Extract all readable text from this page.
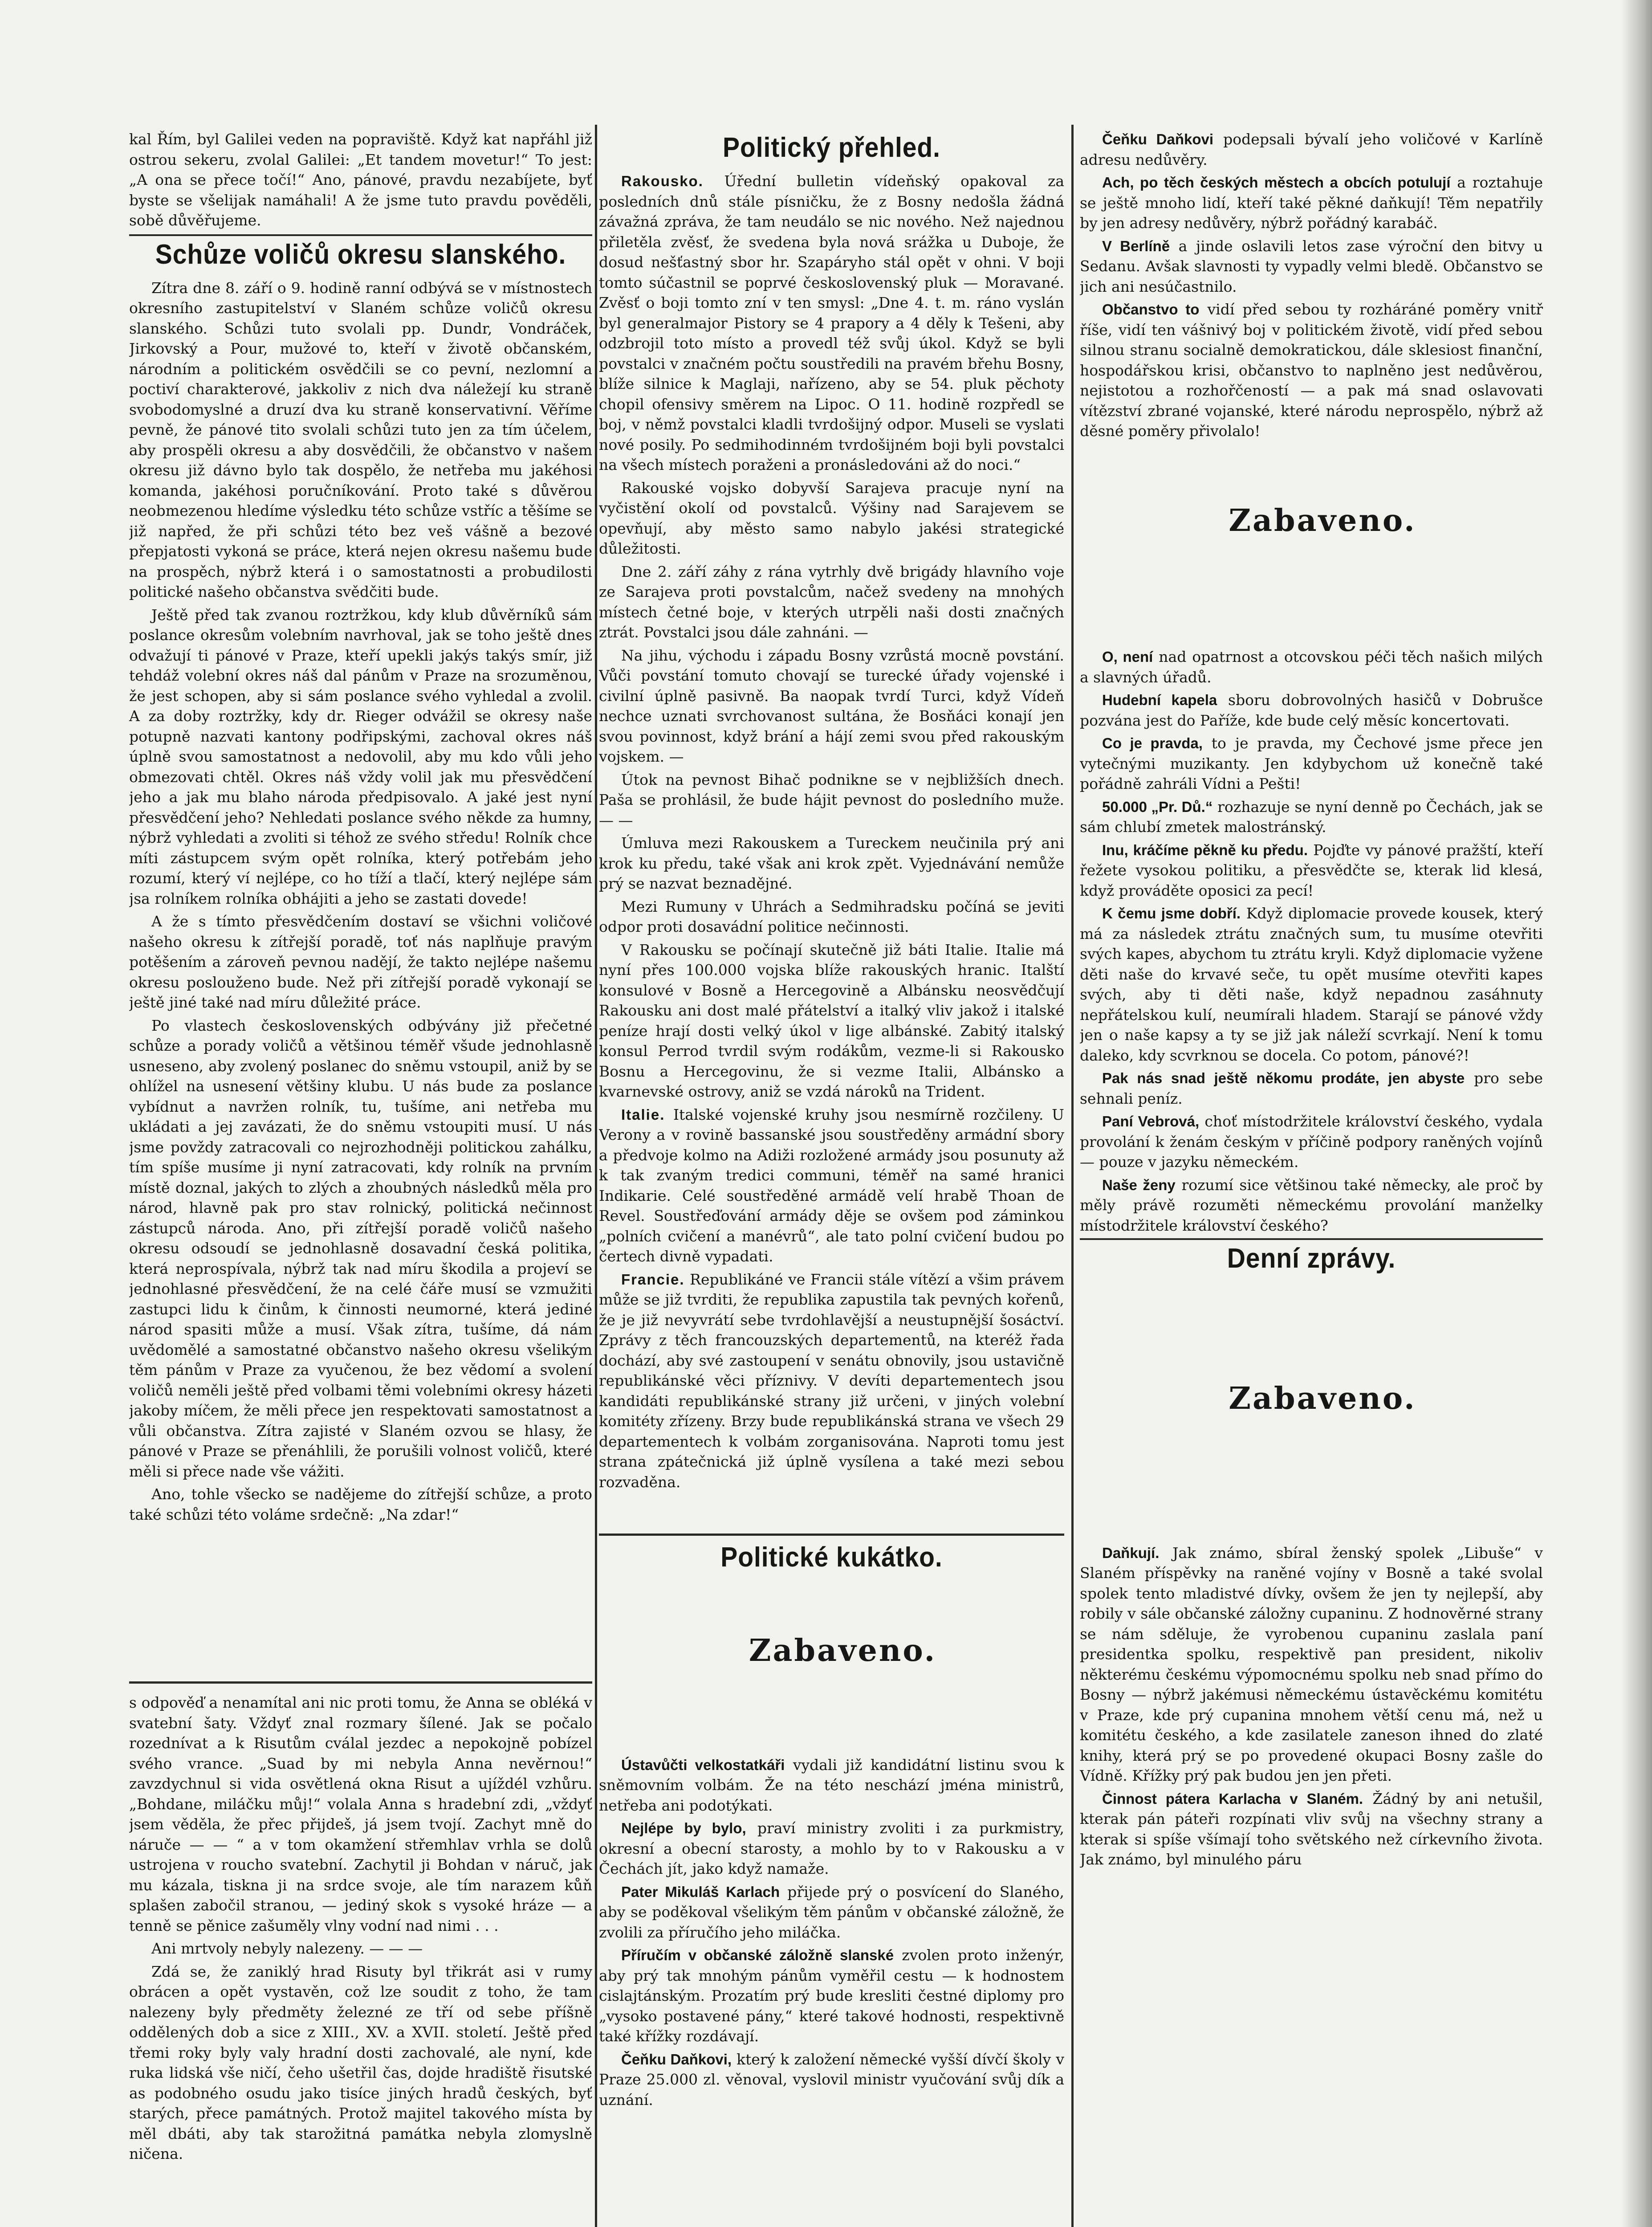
kal Řím, byl Galilei veden na popraviště. Když kat napřáhl již ostrou sekeru, zvolal Galilei: „Et tandem movetur!“ To jest: „A ona se přece točí!“ Ano, pánové, pravdu nezabíjete, byť byste se všelijak namáhali! A že jsme tuto pravdu pověděli, sobě důvěřujeme.

Schůze voličů okresu slanského.

Zítra dne 8. září o 9. hodině ranní odbývá se v místnostech okresního zastupitelství v Slaném schůze voličů okresu slanského. Schůzi tuto svolali pp. Dundr, Vondráček, Jirkovský a Pour, mužové to, kteří v životě občanském, národním a politickém osvědčili se co pevní, nezlomní a poctiví charakterové, jakkoliv z nich dva náležejí ku straně svobodomyslné a druzí dva ku straně konservativní. Věříme pevně, že pánové tito svolali schůzi tuto jen za tím účelem, aby prospěli okresu a aby dosvědčili, že občanstvo v našem okresu již dávno bylo tak dospělo, že netřeba mu jakéhosi komanda, jakéhosi poručníkování. Proto také s důvěrou neobmezenou hledíme výsledku této schůze vstříc a těšíme se již napřed, že při schůzi této bez veš vášně a bezové přepjatosti vykoná se práce, která nejen okresu našemu bude na prospěch, nýbrž která i o samostatnosti a probudilosti politické našeho občanstva svědčiti bude.

Ještě před tak zvanou roztržkou, kdy klub důvěrníků sám poslance okresům volebním navrhoval, jak se toho ještě dnes odvažují ti pánové v Praze, kteří upekli jakýs takýs smír, již tehdáž volební okres náš dal pánům v Praze na srozuměnou, že jest schopen, aby si sám poslance svého vyhledal a zvolil. A za doby roztržky, kdy dr. Rieger odvážil se okresy naše potupně nazvati kantony podřipskými, zachoval okres náš úplně svou samostatnost a nedovolil, aby mu kdo vůli jeho obmezovati chtěl. Okres náš vždy volil jak mu přesvědčení jeho a jak mu blaho národa předpisovalo. A jaké jest nyní přesvědčení jeho? Nehledati poslance svého někde za humny, nýbrž vyhledati a zvoliti si téhož ze svého středu! Rolník chce míti zástupcem svým opět rolníka, který potřebám jeho rozumí, který ví nejlépe, co ho tíží a tlačí, který nejlépe sám jsa rolníkem rolníka obhájiti a jeho se zastati dovede!

A že s tímto přesvědčením dostaví se všichni voličové našeho okresu k zítřejší poradě, toť nás naplňuje pravým potěšením a zároveň pevnou nadějí, že takto nejlépe našemu okresu poslouženo bude. Než při zítřejší poradě vykonají se ještě jiné také nad míru důležité práce.

Po vlastech československých odbývány již přečetné schůze a porady voličů a většinou téměř všude jednohlasně usneseno, aby zvolený poslanec do sněmu vstoupil, aniž by se ohlížel na usnesení většiny klubu. U nás bude za poslance vybídnut a navržen rolník, tu, tušíme, ani netřeba mu ukládati a jej zavázati, že do sněmu vstoupiti musí. U nás jsme povždy zatracovali co nejrozhodněji politickou zahálku, tím spíše musíme ji nyní zatracovati, kdy rolník na prvním místě doznal, jakých to zlých a zhoubných následků měla pro národ, hlavně pak pro stav rolnický, politická nečinnost zástupců národa. Ano, při zítřejší poradě voličů našeho okresu odsoudí se jednohlasně dosavadní česká politika, která neprospívala, nýbrž tak nad míru škodila a projeví se jednohlasné přesvědčení, že na celé čáře musí se vzmužiti zastupci lidu k činům, k činnosti neumorné, která jediné národ spasiti může a musí. Však zítra, tušíme, dá nám uvědomělé a samostatné občanstvo našeho okresu všelikým těm pánům v Praze za vyučenou, že bez vědomí a svolení voličů neměli ještě před volbami těmi volebními okresy házeti jakoby míčem, že měli přece jen respektovati samostatnost a vůli občanstva. Zítra zajisté v Slaném ozvou se hlasy, že pánové v Praze se přenáhlili, že porušili volnost voličů, které měli si přece nade vše vážiti.

Ano, tohle všecko se nadějeme do zítřejší schůze, a proto také schůzi této voláme srdečně: „Na zdar!“

s odpověď a nenamítal ani nic proti tomu, že Anna se obléká v svatební šaty. Vždyť znal rozmary šílené. Jak se počalo rozednívat a k Risutům cválal jezdec a nepokojně pobízel svého vrance. „Suad by mi nebyla Anna nevěrnou!“ zavzdychnul si vida osvětlená okna Risut a ujíždél vzhůru. „Bohdane, miláčku můj!“ volala Anna s hradební zdi, „vždyť jsem věděla, že přec přijdeš, já jsem tvojí. Zachyt mně do náruče — — “ a v tom okamžení střemhlav vrhla se dolů ustrojena v roucho svatební. Zachytil ji Bohdan v náruč, jak mu kázala, tiskna ji na srdce svoje, ale tím narazem kůň splašen zabočil stranou, — jediný skok s vysoké hráze — a tenně se pěnice zašuměly vlny vodní nad nimi . . .

Ani mrtvoly nebyly nalezeny. — — —

Zdá se, že zaniklý hrad Risuty byl třikrát asi v rumy obrácen a opět vystavěn, což lze soudit z toho, že tam nalezeny byly předměty železné ze tří od sebe příšně oddělených dob a sice z XIII., XV. a XVII. století. Ještě před třemi roky byly valy hradní dosti zachovalé, ale nyní, kde ruka lidská vše ničí, čeho ušetřil čas, dojde hradiště řisutské as podobného osudu jako tisíce jiných hradů českých, byť starých, přece památných. Protož majitel takového místa by měl dbáti, aby tak starožitná památka nebyla zlomyslně ničena.

Politický přehled.

Rakousko. Úřední bulletin vídeňský opakoval za posledních dnů stále písničku, že z Bosny nedošla žádná závažná zpráva, že tam neudálo se nic nového. Než najednou přiletěla zvěsť, že svedena byla nová srážka u Duboje, že dosud nešťastný sbor hr. Szapáryho stál opět v ohni. V boji tomto súčastnil se poprvé československý pluk — Moravané. Zvěsť o boji tomto zní v ten smysl: „Dne 4. t. m. ráno vyslán byl generalmajor Pistory se 4 prapory a 4 děly k Tešeni, aby odzbrojil toto místo a provedl též svůj úkol. Když se byli povstalci v značném počtu soustředili na pravém břehu Bosny, blíže silnice k Maglaji, nařízeno, aby se 54. pluk pěchoty chopil ofensivy směrem na Lipoc. O 11. hodině rozpředl se boj, v němž povstalci kladli tvrdošijný odpor. Museli se vyslati nové posily. Po sedmihodinném tvrdošijném boji byli povstalci na všech místech poraženi a pronásledováni až do noci.“

Rakouské vojsko dobyvší Sarajeva pracuje nyní na vyčistění okolí od povstalců. Výšiny nad Sarajevem se opevňují, aby město samo nabylo jakési strategické důležitosti.

Dne 2. září záhy z rána vytrhly dvě brigády hlavního voje ze Sarajeva proti povstalcům, načež svedeny na mnohých místech četné boje, v kterých utrpěli naši dosti značných ztrát. Povstalci jsou dále zahnáni. —

Na jihu, východu i západu Bosny vzrůstá mocně povstání. Vůči povstání tomuto chovají se turecké úřady vojenské i civilní úplně pasivně. Ba naopak tvrdí Turci, když Vídeň nechce uznati svrchovanost sultána, že Bosňáci konají jen svou povinnost, když brání a hájí zemi svou před rakouským vojskem. —

Útok na pevnost Bihač podnikne se v nejbližších dnech. Paša se prohlásil, že bude hájit pevnost do posledního muže. — —

Úmluva mezi Rakouskem a Tureckem neučinila prý ani krok ku předu, také však ani krok zpět. Vyjednávání nemůže prý se nazvat beznadějné.

Mezi Rumuny v Uhrách a Sedmihradsku počíná se jeviti odpor proti dosavádní politice nečinnosti.

V Rakousku se počínají skutečně již báti Italie. Italie má nyní přes 100.000 vojska blíže rakouských hranic. Italští konsulové v Bosně a Hercegovině a Albánsku neosvědčují Rakousku ani dost malé přátelství a italký vliv jakož i italské peníze hrají dosti velký úkol v lige albánské. Zabitý italský konsul Perrod tvrdil svým rodákům, vezme-li si Rakousko Bosnu a Hercegovinu, že si vezme Italii, Albánsko a kvarnevské ostrovy, aniž se vzdá nároků na Trident.

Italie. Italské vojenské kruhy jsou nesmírně rozčileny. U Verony a v rovině bassanské jsou soustředěny armádní sbory a předvoje kolmo na Adiži rozložené armády jsou posunuty až k tak zvaným tredici communi, téměř na samé hranici Indikarie. Celé soustředěné armádě velí hrabě Thoan de Revel. Soustřeďování armády děje se ovšem pod záminkou „polních cvičení a manévrů“, ale tato polní cvičení budou po čertech divně vypadati.

Francie. Republikáné ve Francii stále vítězí a všim právem může se již tvrditi, že republika zapustila tak pevných kořenů, že je již nevyvrátí sebe tvrdohlavější a neustupnější šosáctví. Zprávy z těch francouzských departementů, na kteréž řada dochází, aby své zastoupení v senátu obnovily, jsou ustavičně republikánské věci příznivy. V devíti departementech jsou kandidáti republikánské strany již určeni, v jiných volební komitéty zřízeny. Brzy bude republikánská strana ve všech 29 departementech k volbám zorganisována. Naproti tomu jest strana zpátečnická již úplně vysílena a také mezi sebou rozvaděna.

Politické kukátko.

Zabaveno.

Ústavůčti velkostatkáři vydali již kandidátní listinu svou k sněmovním volbám. Že na této neschází jména ministrů, netřeba ani podotýkati.

Nejlépe by bylo, praví ministry zvoliti i za purkmistry, okresní a obecní starosty, a mohlo by to v Rakousku a v Čechách jít, jako když namaže.

Pater Mikuláš Karlach přijede prý o posvícení do Slaného, aby se poděkoval všelikým těm pánům v občanské záložně, že zvolili za příručího jeho miláčka.

Příručím v občanské záložně slanské zvolen proto inženýr, aby prý tak mnohým pánům vyměřil cestu — k hodnostem cislajtánským. Prozatím prý bude kresliti čestné diplomy pro „vysoko postavené pány,“ které takové hodnosti, respektivně také křížky rozdávají.

Čeňku Daňkovi, který k založení německé vyšší dívčí školy v Praze 25.000 zl. věnoval, vyslovil ministr vyučování svůj dík a uznání.

Čeňku Daňkovi podepsali bývalí jeho voličové v Karlíně adresu nedůvěry.

Ach, po těch českých městech a obcích potulují a roztahuje se ještě mnoho lidí, kteří také pěkné daňkují! Těm nepatřily by jen adresy nedůvěry, nýbrž pořádný karabáč.

V Berlíně a jinde oslavili letos zase výroční den bitvy u Sedanu. Avšak slavnosti ty vypadly velmi bledě. Občanstvo se jich ani nesúčastnilo.

Občanstvo to vidí před sebou ty rozháráné poměry vnitř říše, vidí ten vášnivý boj v politickém životě, vidí před sebou silnou stranu socialně demokratickou, dále sklesiost finanční, hospodářskou krisi, občanstvo to naplněno jest nedůvěrou, nejistotou a rozhořčeností — a pak má snad oslavovati vítězství zbrané vojanské, které národu neprospělo, nýbrž až děsné poměry přivolalo!

Zabaveno.

O, není nad opatrnost a otcovskou péči těch našich milých a slavných úřadů.

Hudební kapela sboru dobrovolných hasičů v Dobrušce pozvána jest do Paříže, kde bude celý měsíc koncertovati.

Co je pravda, to je pravda, my Čechové jsme přece jen vytečnými muzikanty. Jen kdybychom už konečně také pořádně zahráli Vídni a Pešti!

50.000 „Pr. Dů.“ rozhazuje se nyní denně po Čechách, jak se sám chlubí zmetek malostránský.

Inu, kráčíme pěkně ku předu. Pojďte vy pánové pražští, kteří řežete vysokou politiku, a přesvědčte se, kterak lid klesá, když prováděte oposici za pecí!

K čemu jsme dobří. Když diplomacie provede kousek, který má za následek ztrátu značných sum, tu musíme otevřiti svých kapes, abychom tu ztrátu kryli. Když diplomacie vyžene děti naše do krvavé seče, tu opět musíme otevřiti kapes svých, aby ti děti naše, když nepadnou zasáhnuty nepřátelskou kulí, neumírali hladem. Starají se pánové vždy jen o naše kapsy a ty se již jak náleží scvrkají. Není k tomu daleko, kdy scvrknou se docela. Co potom, pánové?!

Pak nás snad ještě někomu prodáte, jen abyste pro sebe sehnali peníz.

Paní Vebrová, choť místodržitele království českého, vydala provolání k ženám českým v příčině podpory raněných vojínů — pouze v jazyku německém.

Naše ženy rozumí sice většinou také německy, ale proč by měly právě rozuměti německému provolání manželky místodržitele království českého?

Denní zprávy.

Zabaveno.

Daňkují. Jak známo, sbíral ženský spolek „Libuše“ v Slaném příspěvky na raněné vojíny v Bosně a také svolal spolek tento mladistvé dívky, ovšem že jen ty nejlepší, aby robily v sále občanské záložny cupaninu. Z hodnověrné strany se nám sděluje, že vyrobenou cupaninu zaslala paní presidentka spolku, respektivě pan president, nikoliv některému českému výpomocnému spolku neb snad přímo do Bosny — nýbrž jakémusi německému ústavěckému komitétu v Praze, kde prý cupanina mnohem větší cenu má, než u komitétu českého, a kde zasilatele zaneson ihned do zlaté knihy, která prý se po provedené okupaci Bosny zašle do Vídně. Křížky prý pak budou jen jen přeti.

Činnost pátera Karlacha v Slaném. Žádný by ani netušil, kterak pán páteři rozpínati vliv svůj na všechny strany a kterak si spíše všímají toho světského než církevního života. Jak známo, byl minulého páru
